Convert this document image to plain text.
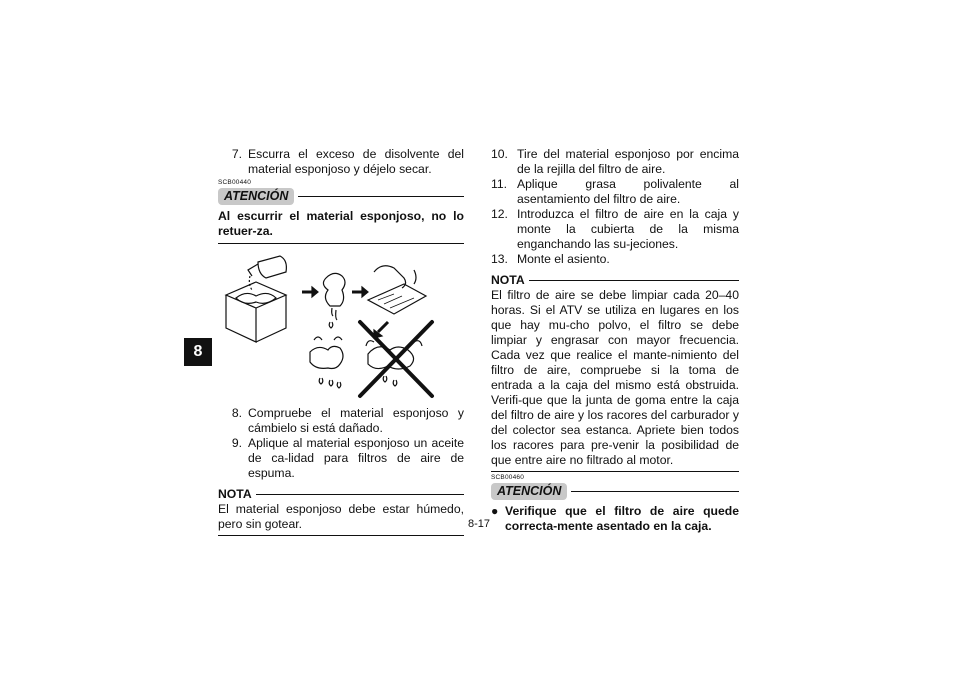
8
7. Escurra el exceso de disolvente del material esponjoso y déjelo secar.
SCB00440
ATENCIÓN
Al escurrir el material esponjoso, no lo retuer-za.
8. Compruebe el material esponjoso y cámbielo si está dañado.
9. Aplique al material esponjoso un aceite de ca-lidad para filtros de aire de espuma.
NOTA
El material esponjoso debe estar húmedo, pero sin gotear.
10. Tire del material esponjoso por encima de la rejilla del filtro de aire.
11. Aplique grasa polivalente al asentamiento del filtro de aire.
12. Introduzca el filtro de aire en la caja y monte la cubierta de la misma enganchando las su-jeciones.
13. Monte el asiento.
NOTA
El filtro de aire se debe limpiar cada 20–40 horas. Si el ATV se utiliza en lugares en los que hay mu-cho polvo, el filtro se debe limpiar y engrasar con mayor frecuencia. Cada vez que realice el mante-nimiento del filtro de aire, compruebe si la toma de entrada a la caja del mismo está obstruida. Verifi-que que la junta de goma entre la caja del filtro de aire y los racores del carburador y del colector sea estanca. Apriete bien todos los racores para pre-venir la posibilidad de que entre aire no filtrado al motor.
SCB00460
ATENCIÓN
● Verifique que el filtro de aire quede correcta-mente asentado en la caja.
8-17
